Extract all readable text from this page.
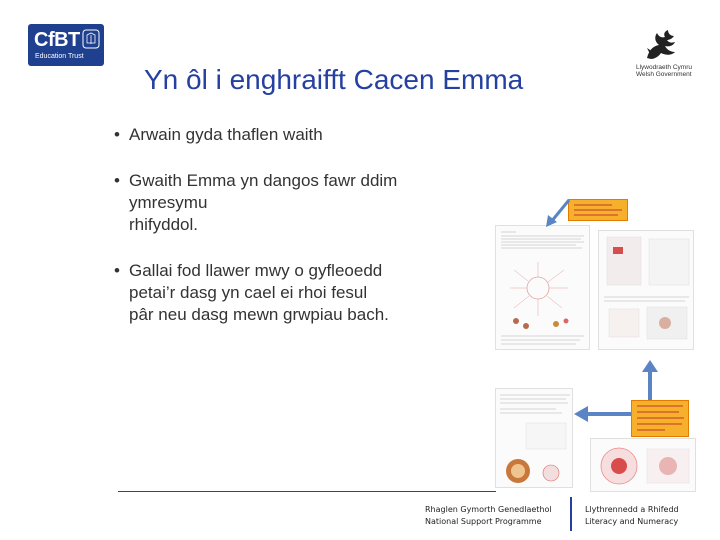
CfBT
Education Trust
Llywodraeth Cymru
Welsh Government
Yn ôl i enghraifft Cacen Emma
• Arwain gyda thaflen waith
• Gwaith Emma yn dangos fawr ddim ymresymu
rhifyddol.
• Gallai fod llawer mwy o gyfleoedd
petai’r dasg yn cael ei rhoi fesul
pâr neu dasg mewn grwpiau bach.
Rhaglen Gymorth Genedlaethol
National Support Programme
Llythrennedd a Rhifedd
Literacy and Numeracy
